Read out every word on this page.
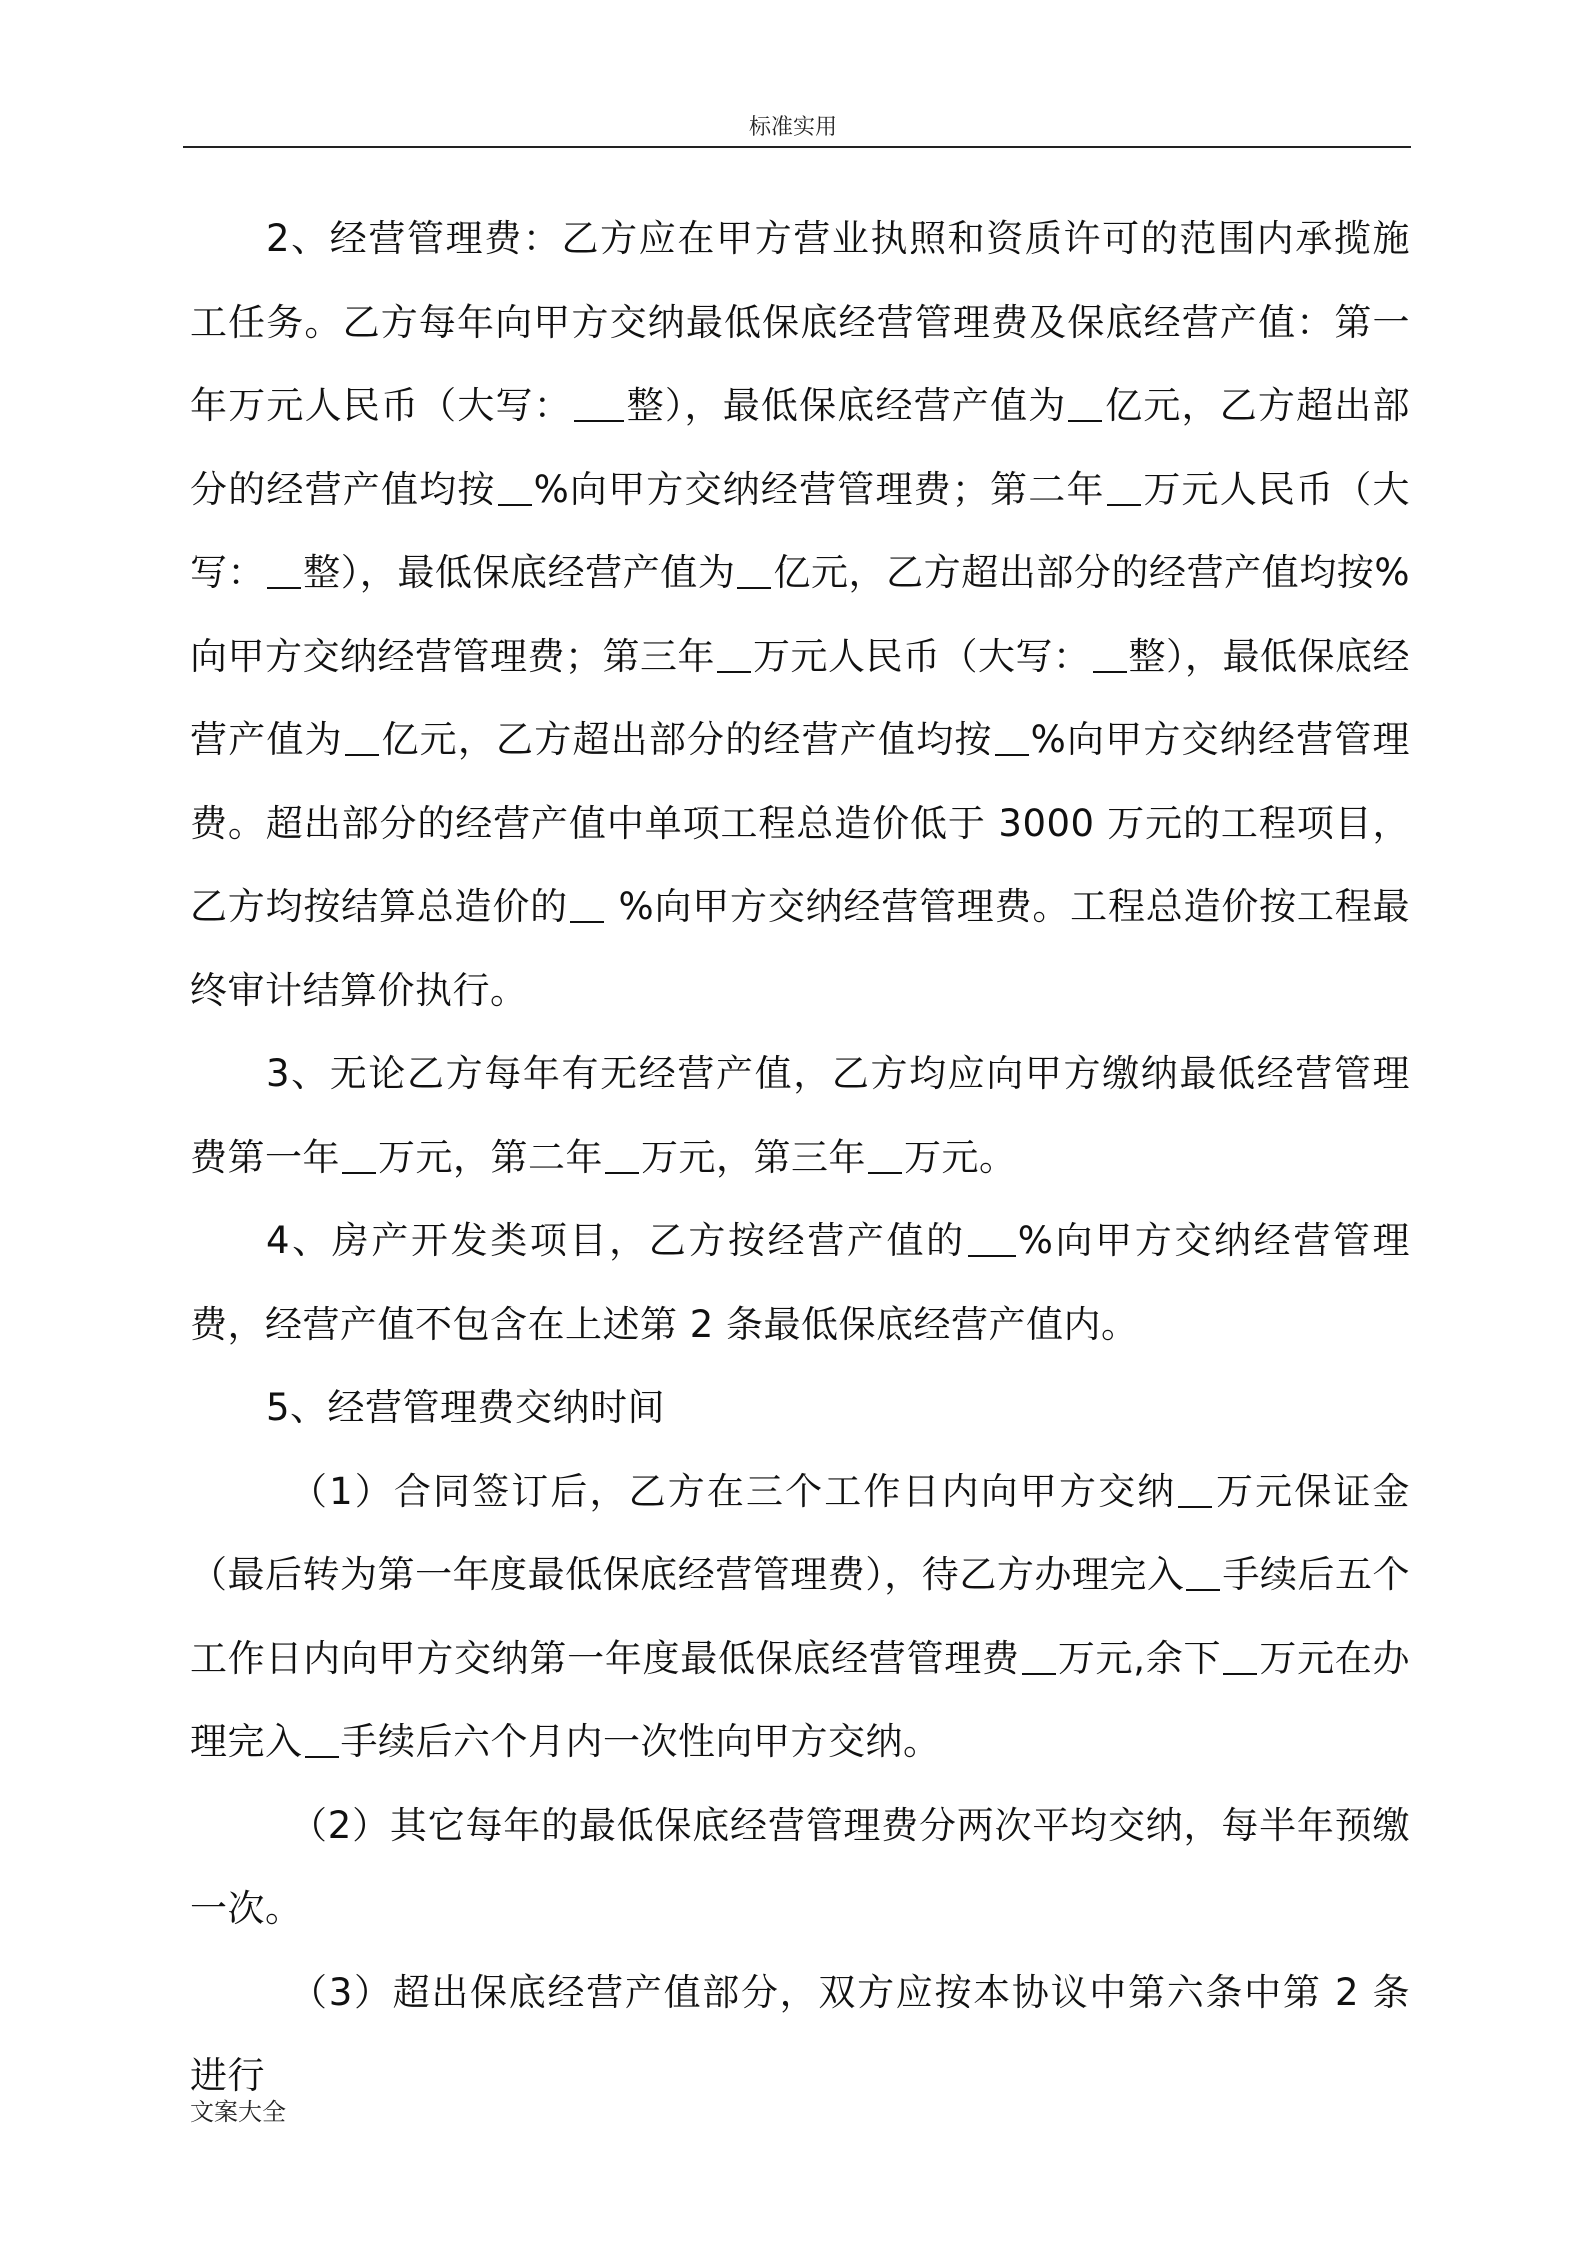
标准实用

2、经营管理费：乙方应在甲方营业执照和资质许可的范围内承揽施工任务。乙方每年向甲方交纳最低保底经营管理费及保底经营产值：第一年万元人民币（大写： 整），最低保底经营产值为 亿元，乙方超出部分的经营产值均按 %向甲方交纳经营管理费；第二年 万元人民币（大写： 整），最低保底经营产值为 亿元，乙方超出部分的经营产值均按%向甲方交纳经营管理费；第三年 万元人民币（大写： 整），最低保底经营产值为 亿元，乙方超出部分的经营产值均按 %向甲方交纳经营管理费。超出部分的经营产值中单项工程总造价低于 3000 万元的工程项目，乙方均按结算总造价的 %向甲方交纳经营管理费。工程总造价按工程最终审计结算价执行。

3、无论乙方每年有无经营产值，乙方均应向甲方缴纳最低经营管理费第一年 万元，第二年 万元，第三年 万元。

4、房产开发类项目，乙方按经营产值的 %向甲方交纳经营管理费，经营产值不包含在上述第 2 条最低保底经营产值内。

5、经营管理费交纳时间

（1）合同签订后，乙方在三个工作日内向甲方交纳 万元保证金（最后转为第一年度最低保底经营管理费），待乙方办理完入 手续后五个工作日内向甲方交纳第一年度最低保底经营管理费 万元,余下 万元在办理完入 手续后六个月内一次性向甲方交纳。

（2）其它每年的最低保底经营管理费分两次平均交纳，每半年预缴一次。

（3）超出保底经营产值部分，双方应按本协议中第六条中第 2 条进行

文案大全
